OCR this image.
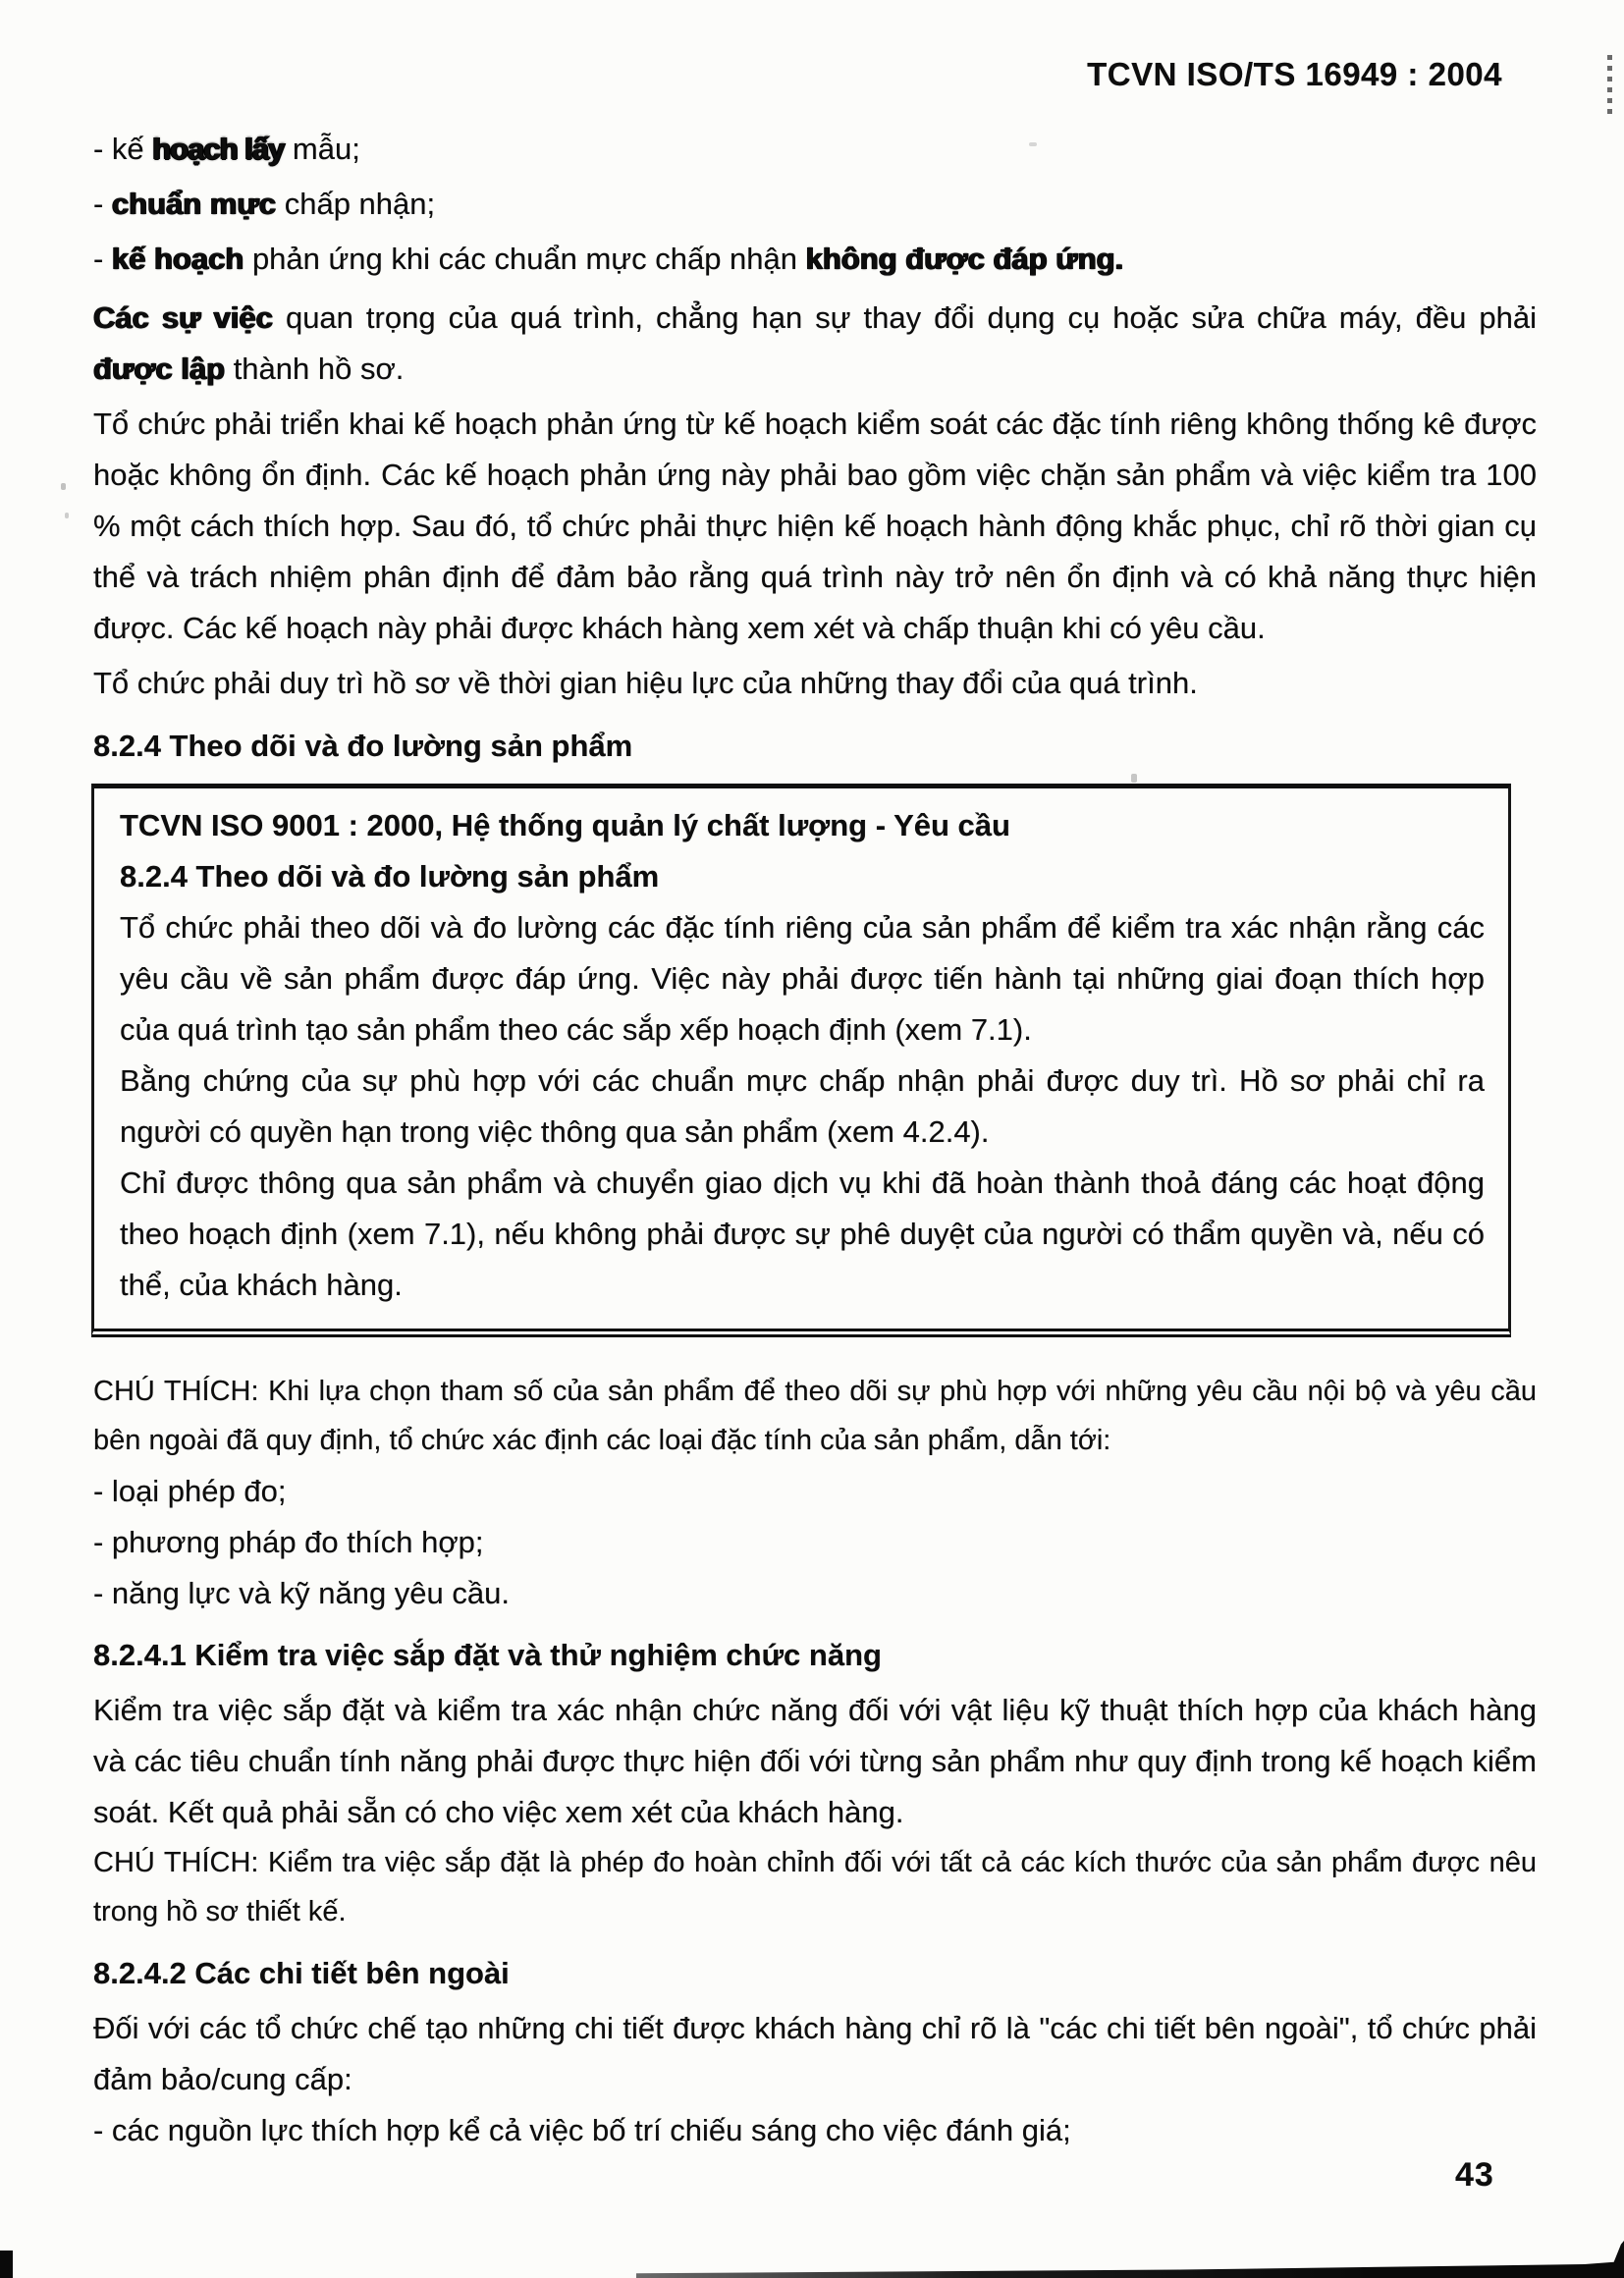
TCVN ISO/TS 16949 : 2004
- kế hoạch lấy mẫu;
- chuẩn mực chấp nhận;
- kế hoạch phản ứng khi các chuẩn mực chấp nhận không được đáp ứng.

Các sự việc quan trọng của quá trình, chẳng hạn sự thay đổi dụng cụ hoặc sửa chữa máy, đều phải được lập thành hồ sơ.

Tổ chức phải triển khai kế hoạch phản ứng từ kế hoạch kiểm soát các đặc tính riêng không thống kê được hoặc không ổn định. Các kế hoạch phản ứng này phải bao gồm việc chặn sản phẩm và việc kiểm tra 100 % một cách thích hợp. Sau đó, tổ chức phải thực hiện kế hoạch hành động khắc phục, chỉ rõ thời gian cụ thể và trách nhiệm phân định để đảm bảo rằng quá trình này trở nên ổn định và có khả năng thực hiện được. Các kế hoạch này phải được khách hàng xem xét và chấp thuận khi có yêu cầu.

Tổ chức phải duy trì hồ sơ về thời gian hiệu lực của những thay đổi của quá trình.

8.2.4 Theo dõi và đo lường sản phẩm

TCVN ISO 9001 : 2000, Hệ thống quản lý chất lượng - Yêu cầu

8.2.4 Theo dõi và đo lường sản phẩm

Tổ chức phải theo dõi và đo lường các đặc tính riêng của sản phẩm để kiểm tra xác nhận rằng các yêu cầu về sản phẩm được đáp ứng. Việc này phải được tiến hành tại những giai đoạn thích hợp của quá trình tạo sản phẩm theo các sắp xếp hoạch định (xem 7.1).

Bằng chứng của sự phù hợp với các chuẩn mực chấp nhận phải được duy trì. Hồ sơ phải chỉ ra người có quyền hạn trong việc thông qua sản phẩm (xem 4.2.4).

Chỉ được thông qua sản phẩm và chuyển giao dịch vụ khi đã hoàn thành thoả đáng các hoạt động theo hoạch định (xem 7.1), nếu không phải được sự phê duyệt của người có thẩm quyền và, nếu có thể, của khách hàng.

CHÚ THÍCH: Khi lựa chọn tham số của sản phẩm để theo dõi sự phù hợp với những yêu cầu nội bộ và yêu cầu bên ngoài đã quy định, tổ chức xác định các loại đặc tính của sản phẩm, dẫn tới:

- loại phép đo;
- phương pháp đo thích hợp;
- năng lực và kỹ năng yêu cầu.
8.2.4.1 Kiểm tra việc sắp đặt và thử nghiệm chức năng

Kiểm tra việc sắp đặt và kiểm tra xác nhận chức năng đối với vật liệu kỹ thuật thích hợp của khách hàng và các tiêu chuẩn tính năng phải được thực hiện đối với từng sản phẩm như quy định trong kế hoạch kiểm soát. Kết quả phải sẵn có cho việc xem xét của khách hàng.

CHÚ THÍCH: Kiểm tra việc sắp đặt là phép đo hoàn chỉnh đối với tất cả các kích thước của sản phẩm được nêu trong hồ sơ thiết kế.

8.2.4.2 Các chi tiết bên ngoài

Đối với các tổ chức chế tạo những chi tiết được khách hàng chỉ rõ là "các chi tiết bên ngoài", tổ chức phải đảm bảo/cung cấp:

- các nguồn lực thích hợp kể cả việc bố trí chiếu sáng cho việc đánh giá;
43
